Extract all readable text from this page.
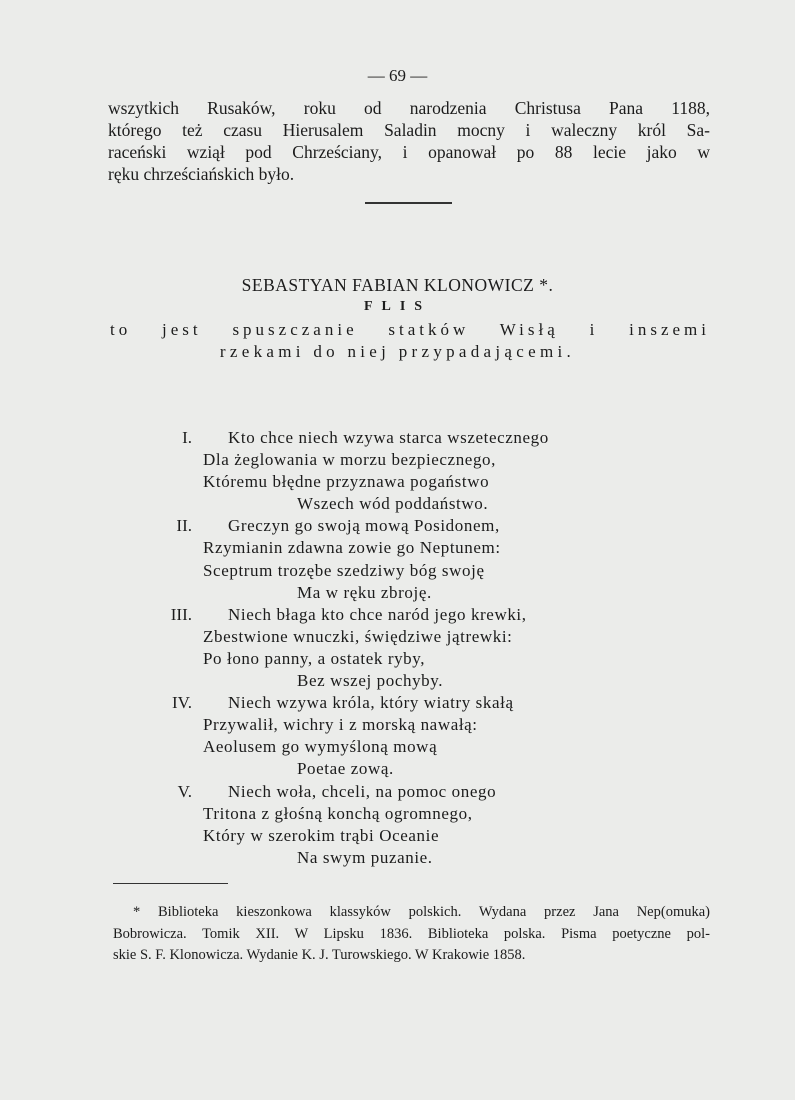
— 69 —
wszytkich Rusaków, roku od narodzenia Christusa Pana 1188,
którego też czasu Hierusalem Saladin mocny i waleczny król Sa-
raceński wziął pod Chrześciany, i opanował po 88 lecie jako w
ręku chrześciańskich było.
SEBASTYAN FABIAN KLONOWICZ *.
FLIS
to jest spuszczanie statków Wisłą i inszemi
rzekami do niej przypadającemi.
I. Kto chce niech wzywa starca wszetecznego
Dla żeglowania w morzu bezpiecznego,
Któremu błędne przyznawa pogaństwo
Wszech wód poddaństwo.
II. Greczyn go swoją mową Posidonem,
Rzymianin zdawna zowie go Neptunem:
Sceptrum trozębe szedziwy bóg swoję
Ma w ręku zbroję.
III. Niech błaga kto chce naród jego krewki,
Zbestwione wnuczki, świędziwe jątrewki:
Po łono panny, a ostatek ryby,
Bez wszej pochyby.
IV. Niech wzywa króla, który wiatry skałą
Przywalił, wichry i z morską nawałą:
Aeolusem go wymyśloną mową
Poetae zową.
V. Niech woła, chceli, na pomoc onego
Tritona z głośną konchą ogromnego,
Który w szerokim trąbi Oceanie
Na swym puzanie.
* Biblioteka kieszonkowa klassyków polskich. Wydana przez Jana Nep(omuka)
Bobrowicza. Tomik XII. W Lipsku 1836. Biblioteka polska. Pisma poetyczne pol-
skie S. F. Klonowicza. Wydanie K. J. Turowskiego. W Krakowie 1858.
